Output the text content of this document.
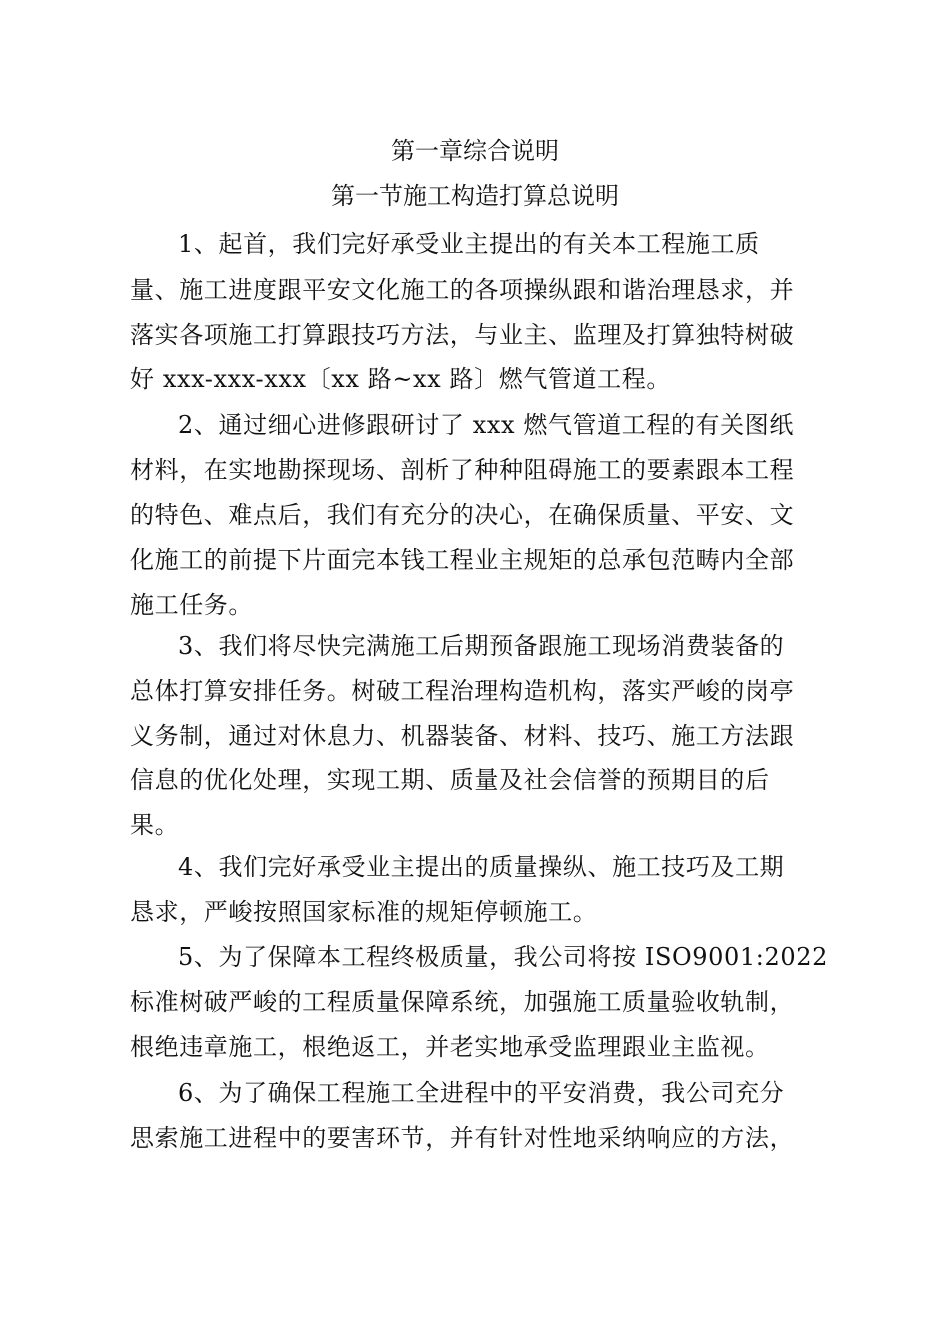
第一章综合说明
第一节施工构造打算总说明
1、起首，我们完好承受业主提出的有关本工程施工质
量、施工进度跟平安文化施工的各项操纵跟和谐治理恳求，并
落实各项施工打算跟技巧方法，与业主、监理及打算独特树破
好 xxx-xxx-xxx〔xx 路~xx 路〕燃气管道工程。
2、通过细心进修跟研讨了 xxx 燃气管道工程的有关图纸
材料，在实地勘探现场、剖析了种种阻碍施工的要素跟本工程
的特色、难点后，我们有充分的决心，在确保质量、平安、文
化施工的前提下片面完本钱工程业主规矩的总承包范畴内全部
施工任务。
3、我们将尽快完满施工后期预备跟施工现场消费装备的
总体打算安排任务。树破工程治理构造机构，落实严峻的岗亭
义务制，通过对休息力、机器装备、材料、技巧、施工方法跟
信息的优化处理，实现工期、质量及社会信誉的预期目的后
果。
4、我们完好承受业主提出的质量操纵、施工技巧及工期
恳求，严峻按照国家标准的规矩停顿施工。
5、为了保障本工程终极质量，我公司将按 ISO9001:2022
标准树破严峻的工程质量保障系统，加强施工质量验收轨制，
根绝违章施工，根绝返工，并老实地承受监理跟业主监视。
6、为了确保工程施工全进程中的平安消费，我公司充分
思索施工进程中的要害环节，并有针对性地采纳响应的方法，
